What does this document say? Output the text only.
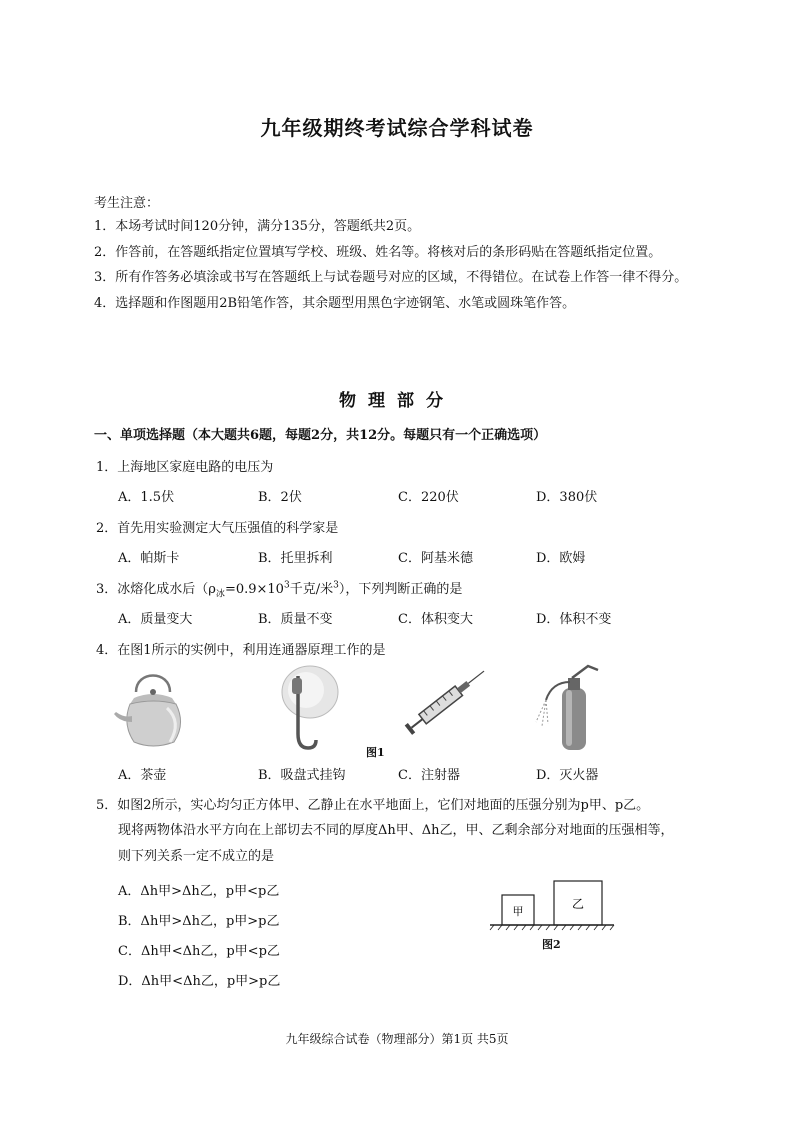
九年级期终考试综合学科试卷
考生注意：
1．本场考试时间120分钟，满分135分，答题纸共2页。
2．作答前，在答题纸指定位置填写学校、班级、姓名等。将核对后的条形码贴在答题纸指定位置。
3．所有作答务必填涂或书写在答题纸上与试卷题号对应的区域，不得错位。在试卷上作答一律不得分。
4．选择题和作图题用2B铅笔作答，其余题型用黑色字迹钢笔、水笔或圆珠笔作答。
物理部分
一、单项选择题（本大题共6题，每题2分，共12分。每题只有一个正确选项）
1．上海地区家庭电路的电压为
A．1.5伏	B．2伏	C．220伏	D．380伏
2．首先用实验测定大气压强值的科学家是
A．帕斯卡	B．托里拆利	C．阿基米德	D．欧姆
3．冰熔化成水后（$\rho_冰=0.9\times 10^3$千克/米$^3$），下列判断正确的是
A．质量变大	B．质量不变	C．体积变大	D．体积不变
4．在图1所示的实例中，利用连通器原理工作的是
图1
A．茶壶	B．吸盘式挂钩	C．注射器	D．灭火器
5．如图2所示，实心均匀正方体甲、乙静止在水平地面上，它们对地面的压强分别为p甲、p乙。
现将两物体沿水平方向在上部切去不同的厚度Δh甲、Δh乙，甲、乙剩余部分对地面的压强相等，
则下列关系一定不成立的是
A．Δh甲>Δh乙，p甲<p乙
B．Δh甲>Δh乙，p甲>p乙
C．Δh甲<Δh乙，p甲<p乙
D．Δh甲<Δh乙，p甲>p乙
甲
乙
图2
九年级综合试卷（物理部分）第1页 共5页
